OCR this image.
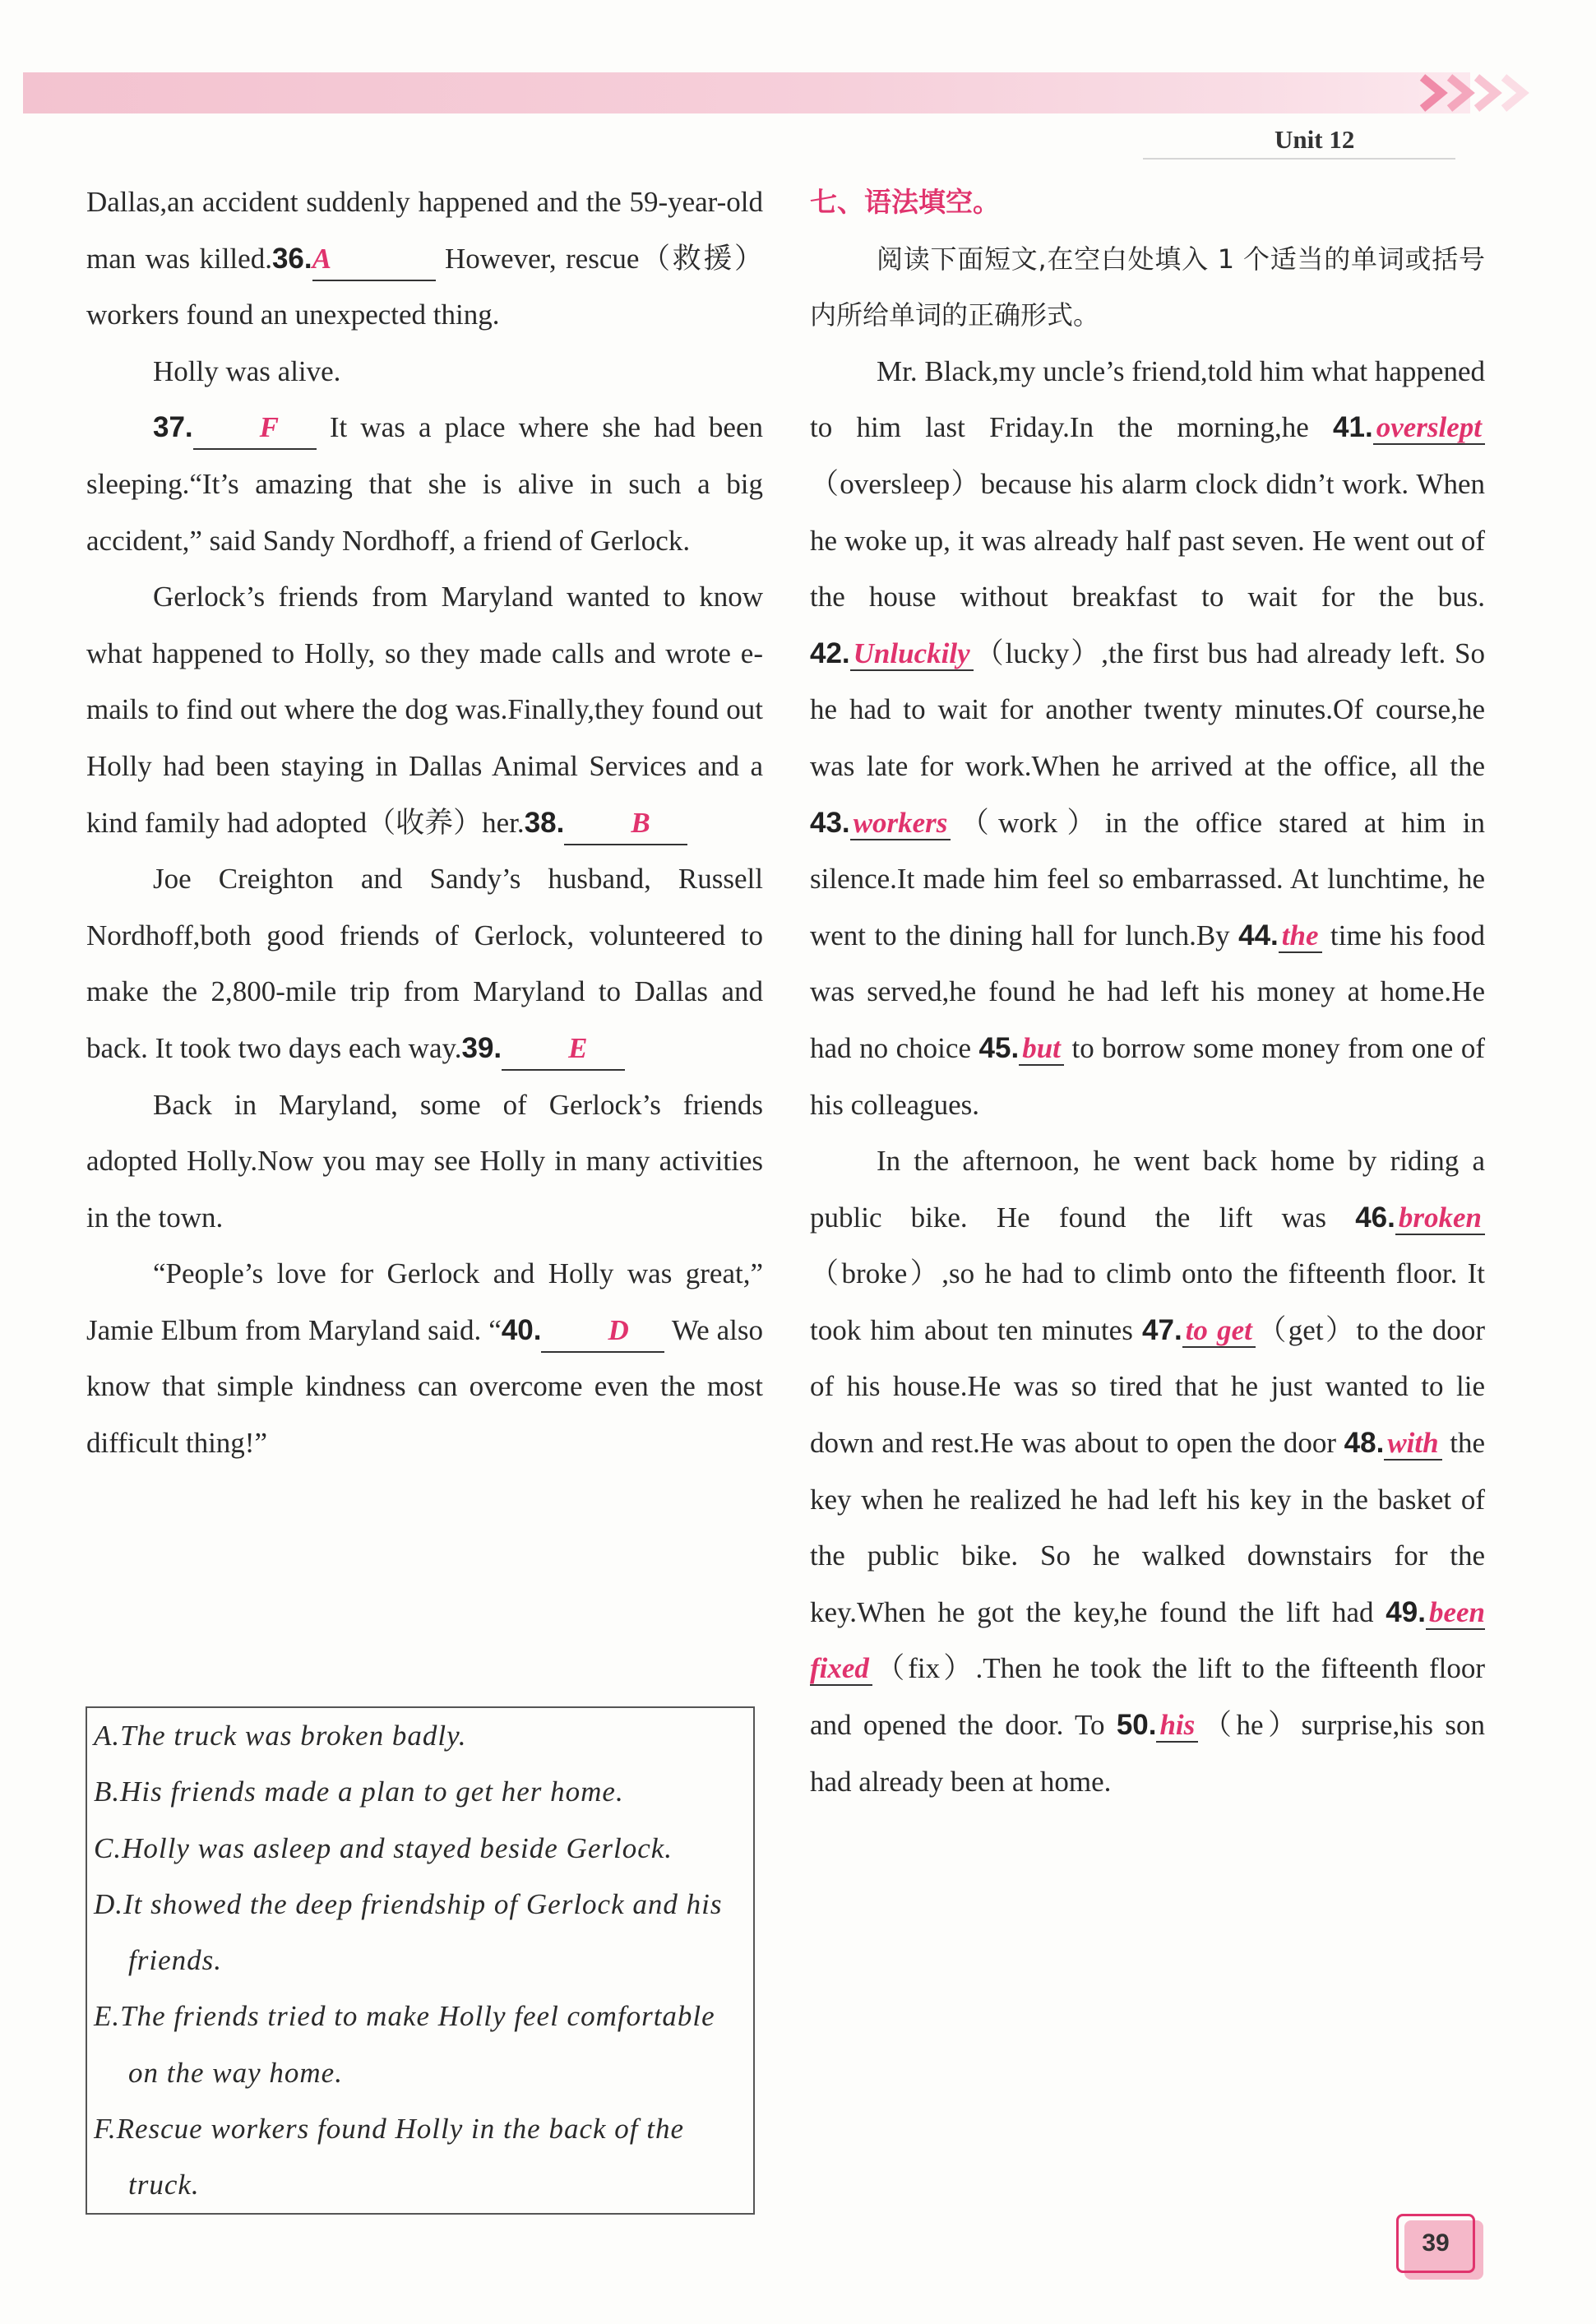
Unit 12

Dallas,an accident suddenly happened and the 59-year-old man was killed.36.A	However, rescue（救援）workers found an unexpected thing.

Holly was alive.

37. F It was a place where she had been sleeping.“It’s amazing that she is alive in such a big accident,” said Sandy Nordhoff, a friend of Gerlock.

Gerlock’s friends from Maryland wanted to know what happened to Holly, so they made calls and wrote e-mails to find out where the dog was.Finally,they found out Holly had been staying in Dallas Animal Services and a kind family had adopted（收养）her.38. B

Joe Creighton and Sandy’s husband, Russell Nordhoff,both good friends of Gerlock, volunteered to make the 2,800-mile trip from Maryland to Dallas and back. It took two days each way.39. E

Back in Maryland, some of Gerlock’s friends adopted Holly.Now you may see Holly in many activities in the town.

“People’s love for Gerlock and Holly was great,” Jamie Elbum from Maryland said. “40. D We also know that simple kindness can overcome even the most difficult thing!”

A.The truck was broken badly.
B.His friends made a plan to get her home.
C.Holly was asleep and stayed beside Gerlock.
D.It showed the deep friendship of Gerlock and his friends.
E.The friends tried to make Holly feel comfortable on the way home.
F.Rescue workers found Holly in the back of the truck.

七、语法填空。

阅读下面短文,在空白处填入 1 个适当的单词或括号内所给单词的正确形式。

Mr. Black,my uncle’s friend,told him what happened to him last Friday.In the morning,he 41. overslept（oversleep）because his alarm clock didn’t work. When he woke up, it was already half past seven. He went out of the house without breakfast to wait for the bus. 42. Unluckily （lucky）,the first bus had already left. So he had to wait for another twenty minutes.Of course,he was late for work.When he arrived at the office, all the 43. workers （work）in the office stared at him in silence.It made him feel so embarrassed. At lunchtime, he went to the dining hall for lunch.By 44. the time his food was served,he found he had left his money at home.He had no choice 45. but to borrow some money from one of his colleagues.

In the afternoon, he went back home by riding a public bike. He found the lift was 46. broken（broke）,so he had to climb onto the fifteenth floor. It took him about ten minutes 47. to get （get）to the door of his house.He was so tired that he just wanted to lie down and rest.He was about to open the door 48. with the key when he realized he had left his key in the basket of the public bike. So he walked downstairs for the key.When he got the key,he found the lift had 49. been fixed （fix）.Then he took the lift to the fifteenth floor and opened the door. To 50. his （he）surprise,his son had already been at home.

39
